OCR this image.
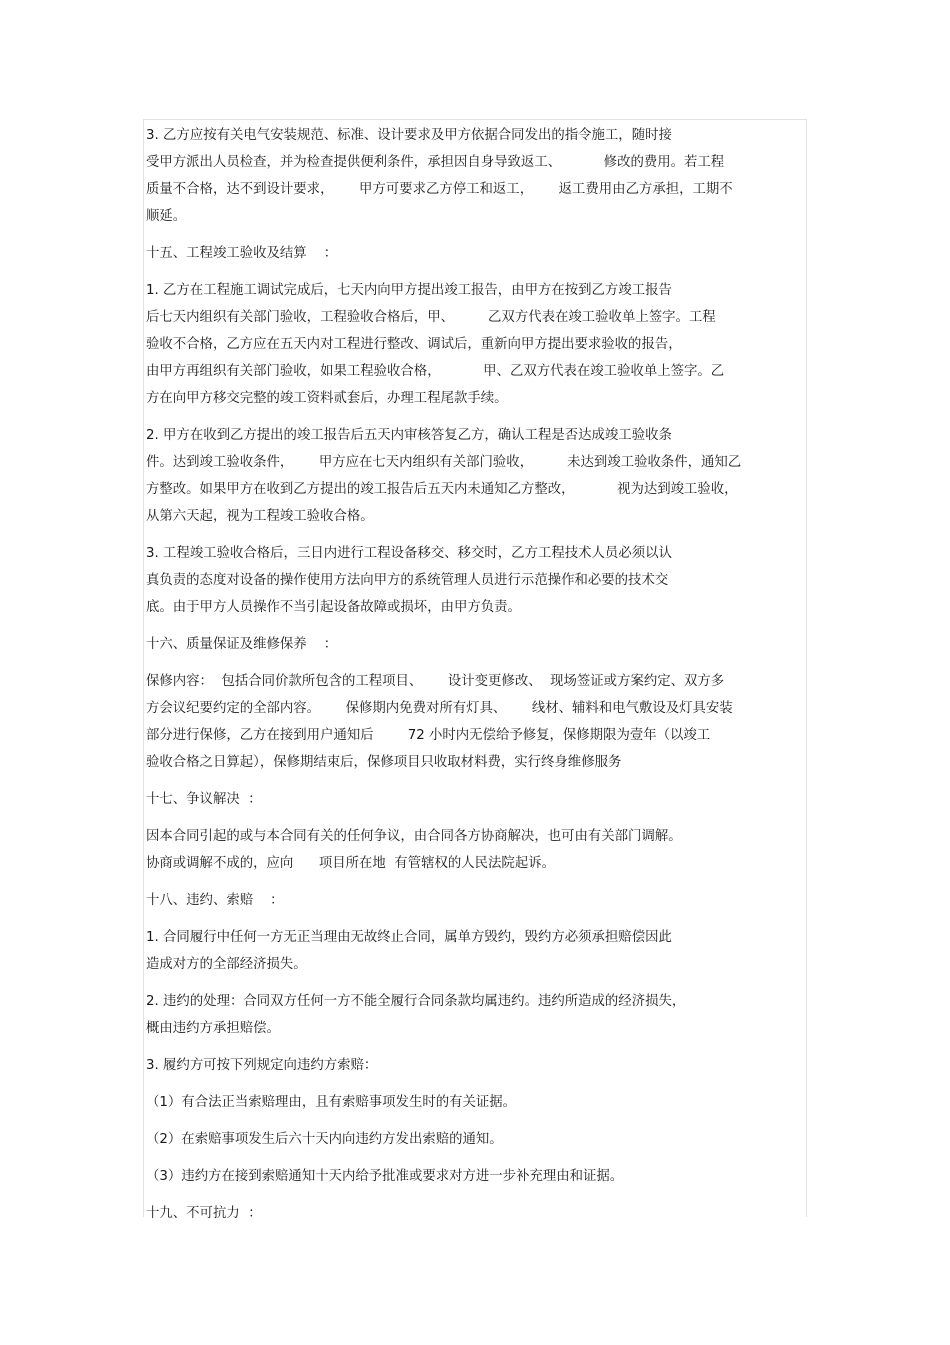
3. 乙方应按有关电气安装规范、标准、设计要求及甲方依据合同发出的指令施工，随时接
受甲方派出人员检查，并为检查提供便利条件，承担因自身导致返工、          修改的费用。若工程
质量不合格，达不到设计要求，      甲方可要求乙方停工和返工，      返工费用由乙方承担，工期不
顺延。
十五、工程竣工验收及结算    ：
1. 乙方在工程施工调试完成后，七天内向甲方提出竣工报告，由甲方在按到乙方竣工报告
后七天内组织有关部门验收，工程验收合格后，甲、        乙双方代表在竣工验收单上签字。工程
验收不合格，乙方应在五天内对工程进行整改、调试后，重新向甲方提出要求验收的报告，
由甲方再组织有关部门验收，如果工程验收合格，          甲、乙双方代表在竣工验收单上签字。乙
方在向甲方移交完整的竣工资料贰套后，办理工程尾款手续。
2. 甲方在收到乙方提出的竣工报告后五天内审核答复乙方，确认工程是否达成竣工验收条
件。达到竣工验收条件，      甲方应在七天内组织有关部门验收，        未达到竣工验收条件，通知乙
方整改。如果甲方在收到乙方提出的竣工报告后五天内未通知乙方整改，          视为达到竣工验收，
从第六天起，视为工程竣工验收合格。
3. 工程竣工验收合格后，三日内进行工程设备移交、移交时，乙方工程技术人员必须以认
真负责的态度对设备的操作使用方法向甲方的系统管理人员进行示范操作和必要的技术交
底。由于甲方人员操作不当引起设备故障或损坏，由甲方负责。
十六、质量保证及维修保养    ：
保修内容：  包括合同价款所包含的工程项目、      设计变更修改、  现场签证或方案约定、双方多
方会议纪要约定的全部内容。      保修期内免费对所有灯具、      线材、辅料和电气敷设及灯具安装
部分进行保修，乙方在接到用户通知后        72 小时内无偿给予修复，保修期限为壹年（以竣工
验收合格之日算起），保修期结束后，保修项目只收取材料费，实行终身维修服务
十七、争议解决  ：
因本合同引起的或与本合同有关的任何争议，由合同各方协商解决，也可由有关部门调解。
协商或调解不成的，应向      项目所在地  有管辖权的人民法院起诉。
十八、违约、索赔    ：
1. 合同履行中任何一方无正当理由无故终止合同，属单方毁约，毁约方必须承担赔偿因此
造成对方的全部经济损失。
2. 违约的处理：合同双方任何一方不能全履行合同条款均属违约。违约所造成的经济损失，
概由违约方承担赔偿。
3. 履约方可按下列规定向违约方索赔：
（1）有合法正当索赔理由，且有索赔事项发生时的有关证据。
（2）在索赔事项发生后六十天内向违约方发出索赔的通知。
（3）违约方在接到索赔通知十天内给予批准或要求对方进一步补充理由和证据。
十九、不可抗力  ：
